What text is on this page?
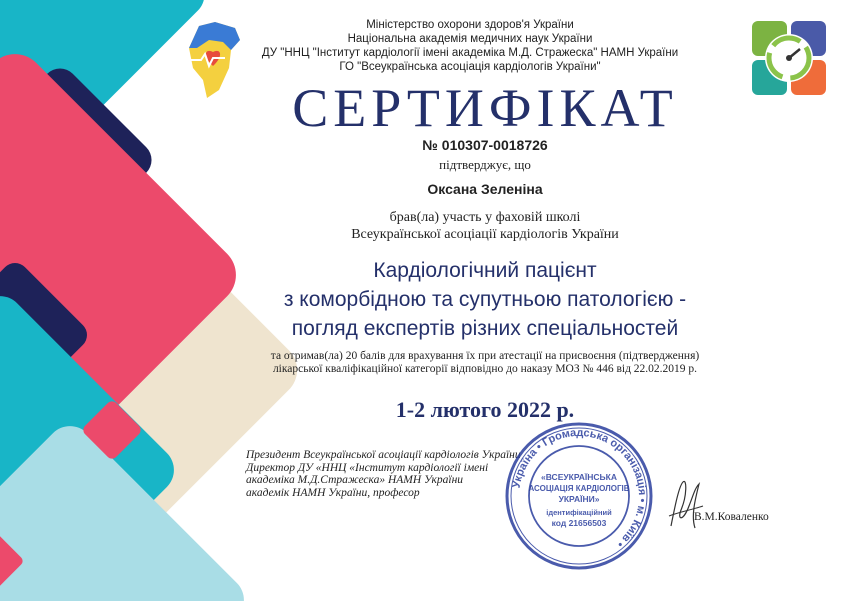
Міністерство охорони здоров'я України
Національна академія медичних наук України
ДУ "ННЦ "Інститут кардіології імені академіка М.Д. Стражеска" НАМН України
ГО "Всеукраїнська асоціація кардіологів України"
СЕРТИФІКАТ
№ 010307-0018726
підтверджує, що
Оксана Зеленіна
брав(ла) участь у фаховій школі
Всеукраїнської асоціації кардіологів України
Кардіологічний пацієнт
з коморбідною та супутньою патологією -
погляд експертів різних спеціальностей
та отримав(ла) 20 балів для врахування їх при атестації на присвоєння (підтвердження)
лікарської кваліфікаційної категорії відповідно до наказу МОЗ № 446 від 22.02.2019 р.
1-2 лютого 2022 р.
Президент Всеукраїнської асоціації кардіологів України
Директор ДУ «ННЦ «Інститут кардіології імені
академіка М.Д.Стражеска» НАМН України
академік НАМН України, професор
Україна • Громадська організація • м. Київ •
«ВСЕУКРАЇНСЬКА
АСОЦІАЦІЯ КАРДІОЛОГІВ
УКРАЇНИ»
ідентифікаційний
код 21656503	В.М.Коваленко
